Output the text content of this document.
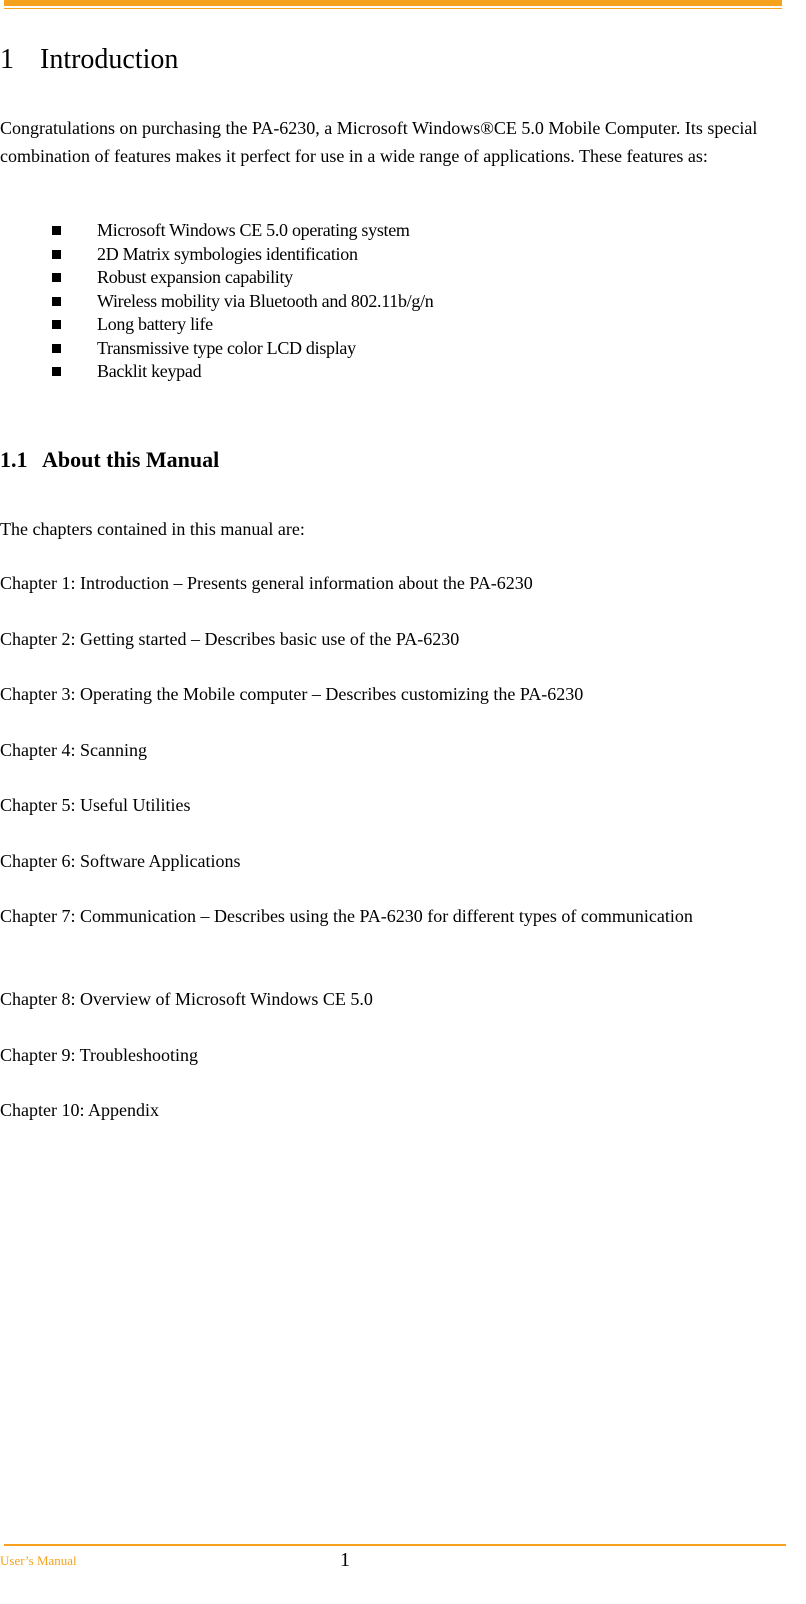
1 Introduction

Congratulations on purchasing the PA-6230, a Microsoft Windows®CE 5.0 Mobile Computer. Its special combination of features makes it perfect for use in a wide range of applications. These features as:

Microsoft Windows CE 5.0 operating system
2D Matrix symbologies identification
Robust expansion capability
Wireless mobility via Bluetooth and 802.11b/g/n
Long battery life
Transmissive type color LCD display
Backlit keypad
1.1 About this Manual

The chapters contained in this manual are:

Chapter 1: Introduction – Presents general information about the PA-6230

Chapter 2: Getting started – Describes basic use of the PA-6230

Chapter 3: Operating the Mobile computer – Describes customizing the PA-6230

Chapter 4: Scanning

Chapter 5: Useful Utilities

Chapter 6: Software Applications

Chapter 7: Communication – Describes using the PA-6230 for different types of communication

Chapter 8: Overview of Microsoft Windows CE 5.0

Chapter 9: Troubleshooting

Chapter 10: Appendix

User’s Manual	1
